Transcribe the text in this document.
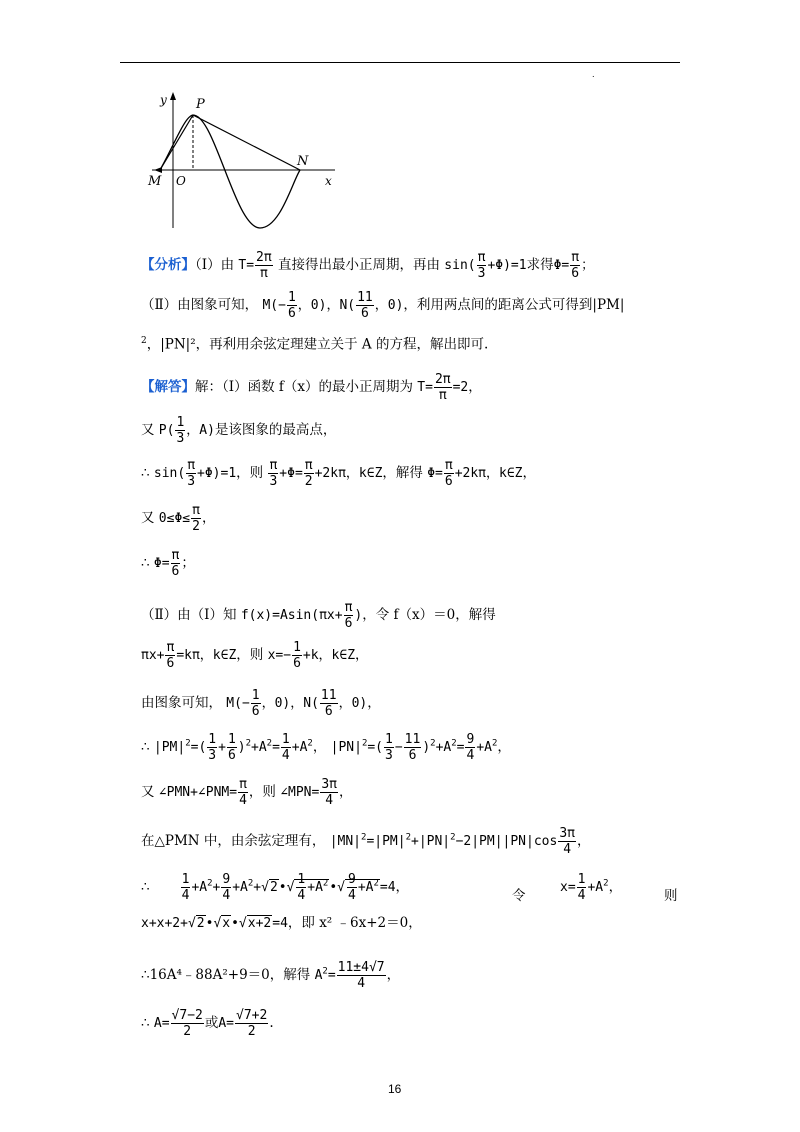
.
y
x
P
O
M
N
【分析】（Ⅰ）由 $T= \frac{2\pi}{\pi}$ 直接得出最小正周期，再由 $\sin( \frac{\pi}{3} +\Phi)=1$求得$\Phi= \frac{\pi}{6}$ ；
（Ⅱ）由图象可知， $M(- \frac{1}{6}$ ，0)，$N( \frac{11}{6}$ ，0)，利用两点间的距离公式可得到|PM|
$^2$，|PN|²，再利用余弦定理建立关于 A 的方程，解出即可.
【解答】解：（Ⅰ）函数 f（x）的最小正周期为 $T= \frac{2\pi}{\pi} =2$，
又 $P( \frac{1}{3}$ ，A)是该图象的最高点，
∴ $\sin( \frac{\pi}{3} +\Phi)=1$，则 $\frac{\pi}{3} +\Phi= \frac{\pi}{2} +2k\pi$，k∈Z，解得 $\Phi= \frac{\pi}{6} +2k\pi$，k∈Z，
又 $0\le\Phi\le \frac{\pi}{2}$ ，
∴ $\Phi= \frac{\pi}{6}$ ；
（Ⅱ）由（Ⅰ）知 $f(x)=Asin(\pi x+ \frac{\pi}{6}$ )，令 f（x）＝0，解得
$\pi x+ \frac{\pi}{6} =k\pi$，k∈Z，则 $x=- \frac{1}{6} +k$，k∈Z，
由图象可知， $M(- \frac{1}{6}$ ，0)，$N( \frac{11}{6}$ ，0)，
∴ $|PM|^2=( \frac{1}{3} + \frac{1}{6} )^2+A^2= \frac{1}{4} +A^2$， $|PN|^2=( \frac{1}{3} - \frac{11}{6} )^2+A^2= \frac{9}{4} +A^2$，
又 ∠PMN+∠PNM= $\frac{\pi}{4}$ ，则 ∠MPN= $\frac{3\pi}{4}$ ，
在△PMN 中，由余弦定理有， $|MN|^2=|PM|^2+|PN|^2-2|PM||PN|\cos \frac{3\pi}{4}$ ，
∴ $\frac{1}{4} +A^2+ \frac{9}{4}$ $+A^2+√2•√ \frac{1}{4}$ $+A^2•√ \frac{9}{4} +A^2=4$，
令
$x= \frac{1}{4} +A^2$，
则
x+x+2+√2•√x•√x+2=4，即 x² ﹣6x+2＝0，
∴16A⁴﹣88A²+9＝0，解得 $A^2= \frac{11\pm 4√7}{4}$ ，
∴ $A= \frac{√7-2}{2}$ 或$A= \frac{√7+2}{2}$ .
16
